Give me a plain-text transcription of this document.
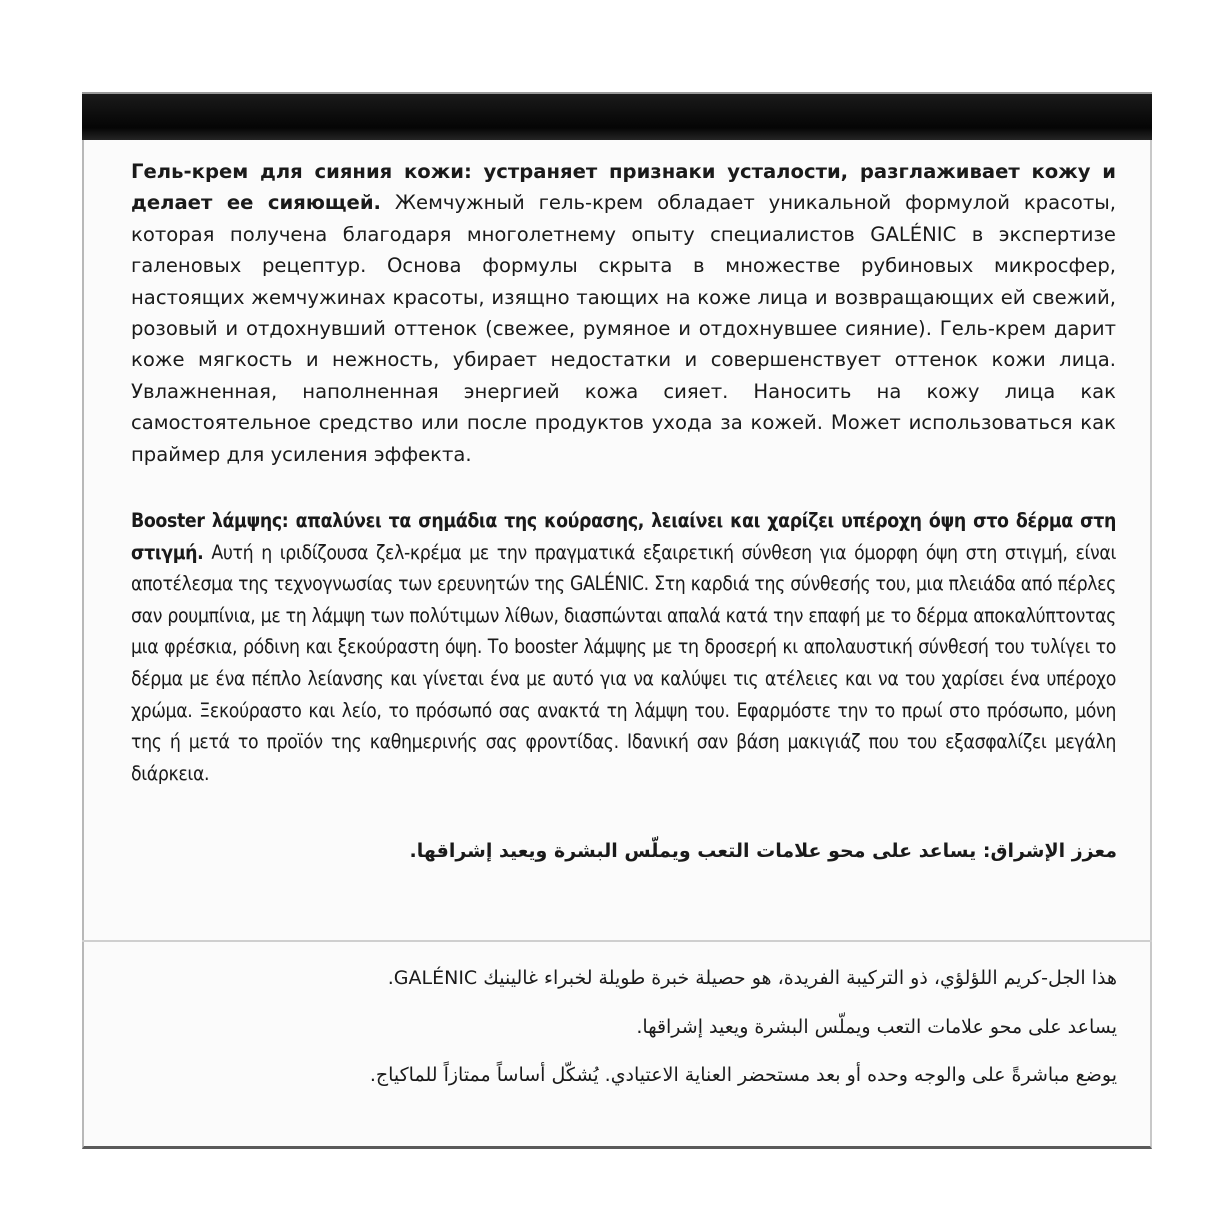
Гель-крем для сияния кожи: устраняет признаки усталости, разглаживает кожу и делает ее сияющей. Жемчужный гель-крем обладает уникальной формулой красоты, которая получена благодаря многолетнему опыту специалистов GALÉNIC в экспертизе галеновых рецептур. Основа формулы скрыта в множестве рубиновых микросфер, настоящих жемчужинах красоты, изящно тающих на коже лица и возвращающих ей свежий, розовый и отдохнувший оттенок (свежее, румяное и отдохнувшее сияние). Гель-крем дарит коже мягкость и нежность, убирает недостатки и совершенствует оттенок кожи лица. Увлажненная, наполненная энергией кожа сияет. Наносить на кожу лица как самостоятельное средство или после продуктов ухода за кожей. Может использоваться как праймер для усиления эффекта.
Booster λάμψης: απαλύνει τα σημάδια της κούρασης, λειαίνει και χαρίζει υπέροχη όψη στο δέρμα στη στιγμή. Αυτή η ιριδίζουσα ζελ-κρέμα με την πραγματικά εξαιρετική σύνθεση για όμορφη όψη στη στιγμή, είναι αποτέλεσμα της τεχνογνωσίας των ερευνητών της GALÉNIC. Στη καρδιά της σύνθεσής του, μια πλειάδα από πέρλες σαν ρουμπίνια, με τη λάμψη των πολύτιμων λίθων, διασπώνται απαλά κατά την επαφή με το δέρμα αποκαλύπτοντας μια φρέσκια, ρόδινη και ξεκούραστη όψη. Το booster λάμψης με τη δροσερή κι απολαυστική σύνθεσή του τυλίγει το δέρμα με ένα πέπλο λείανσης και γίνεται ένα με αυτό για να καλύψει τις ατέλειες και να του χαρίσει ένα υπέροχο χρώμα. Ξεκούραστο και λείο, το πρόσωπό σας ανακτά τη λάμψη του. Εφαρμόστε την το πρωί στο πρόσωπο, μόνη της ή μετά το προϊόν της καθημερινής σας φροντίδας. Ιδανική σαν βάση μακιγιάζ που του εξασφαλίζει μεγάλη διάρκεια.
معزز الإشراق: يساعد على محو علامات التعب ويملّس البشرة ويعيد إشراقها.
هذا الجل-كريم اللؤلؤي، ذو التركيبة الفريدة، هو حصيلة خبرة طويلة لخبراء غالينيك GALÉNIC.
يساعد على محو علامات التعب ويملّس البشرة ويعيد إشراقها.
يوضع مباشرةً على والوجه وحده أو بعد مستحضر العناية الاعتيادي. يُشكّل أساساً ممتازاً للماكياج.
